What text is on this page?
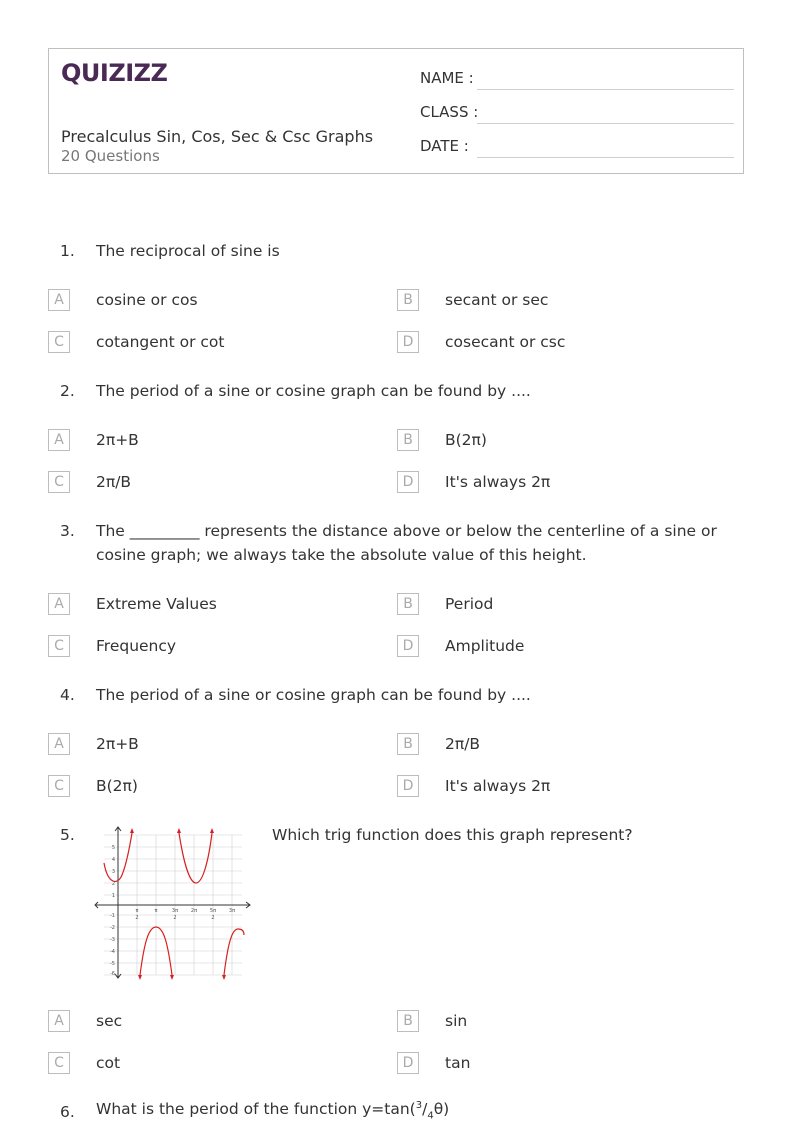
QUIZIZZ
Precalculus Sin, Cos, Sec & Csc Graphs
20 Questions
NAME :
CLASS :
DATE :
1. The reciprocal of sine is
A	cosine or cos	B	secant or sec
C	cotangent or cot	D	cosecant or csc
2. The period of a sine or cosine graph can be found by ....
A	2π+B	B	B(2π)
C	2π/B	D	It's always 2π
3. The _________ represents the distance above or below the centerline of a sine or cosine graph; we always take the absolute value of this height.
A	Extreme Values	B	Period
C	Frequency	D	Amplitude
4. The period of a sine or cosine graph can be found by ....
A	2π+B	B	2π/B
C	B(2π)	D	It's always 2π
5.	Which trig function does this graph represent?
5
4
3
2
1
-1
-2
-3
-4
-5
-6
π
2
π	3π
2
2π	5π
2
3π
A	sec	B	sin
C	cot	D	tan
6. What is the period of the function $y=\tan(^3/_4\theta)$
